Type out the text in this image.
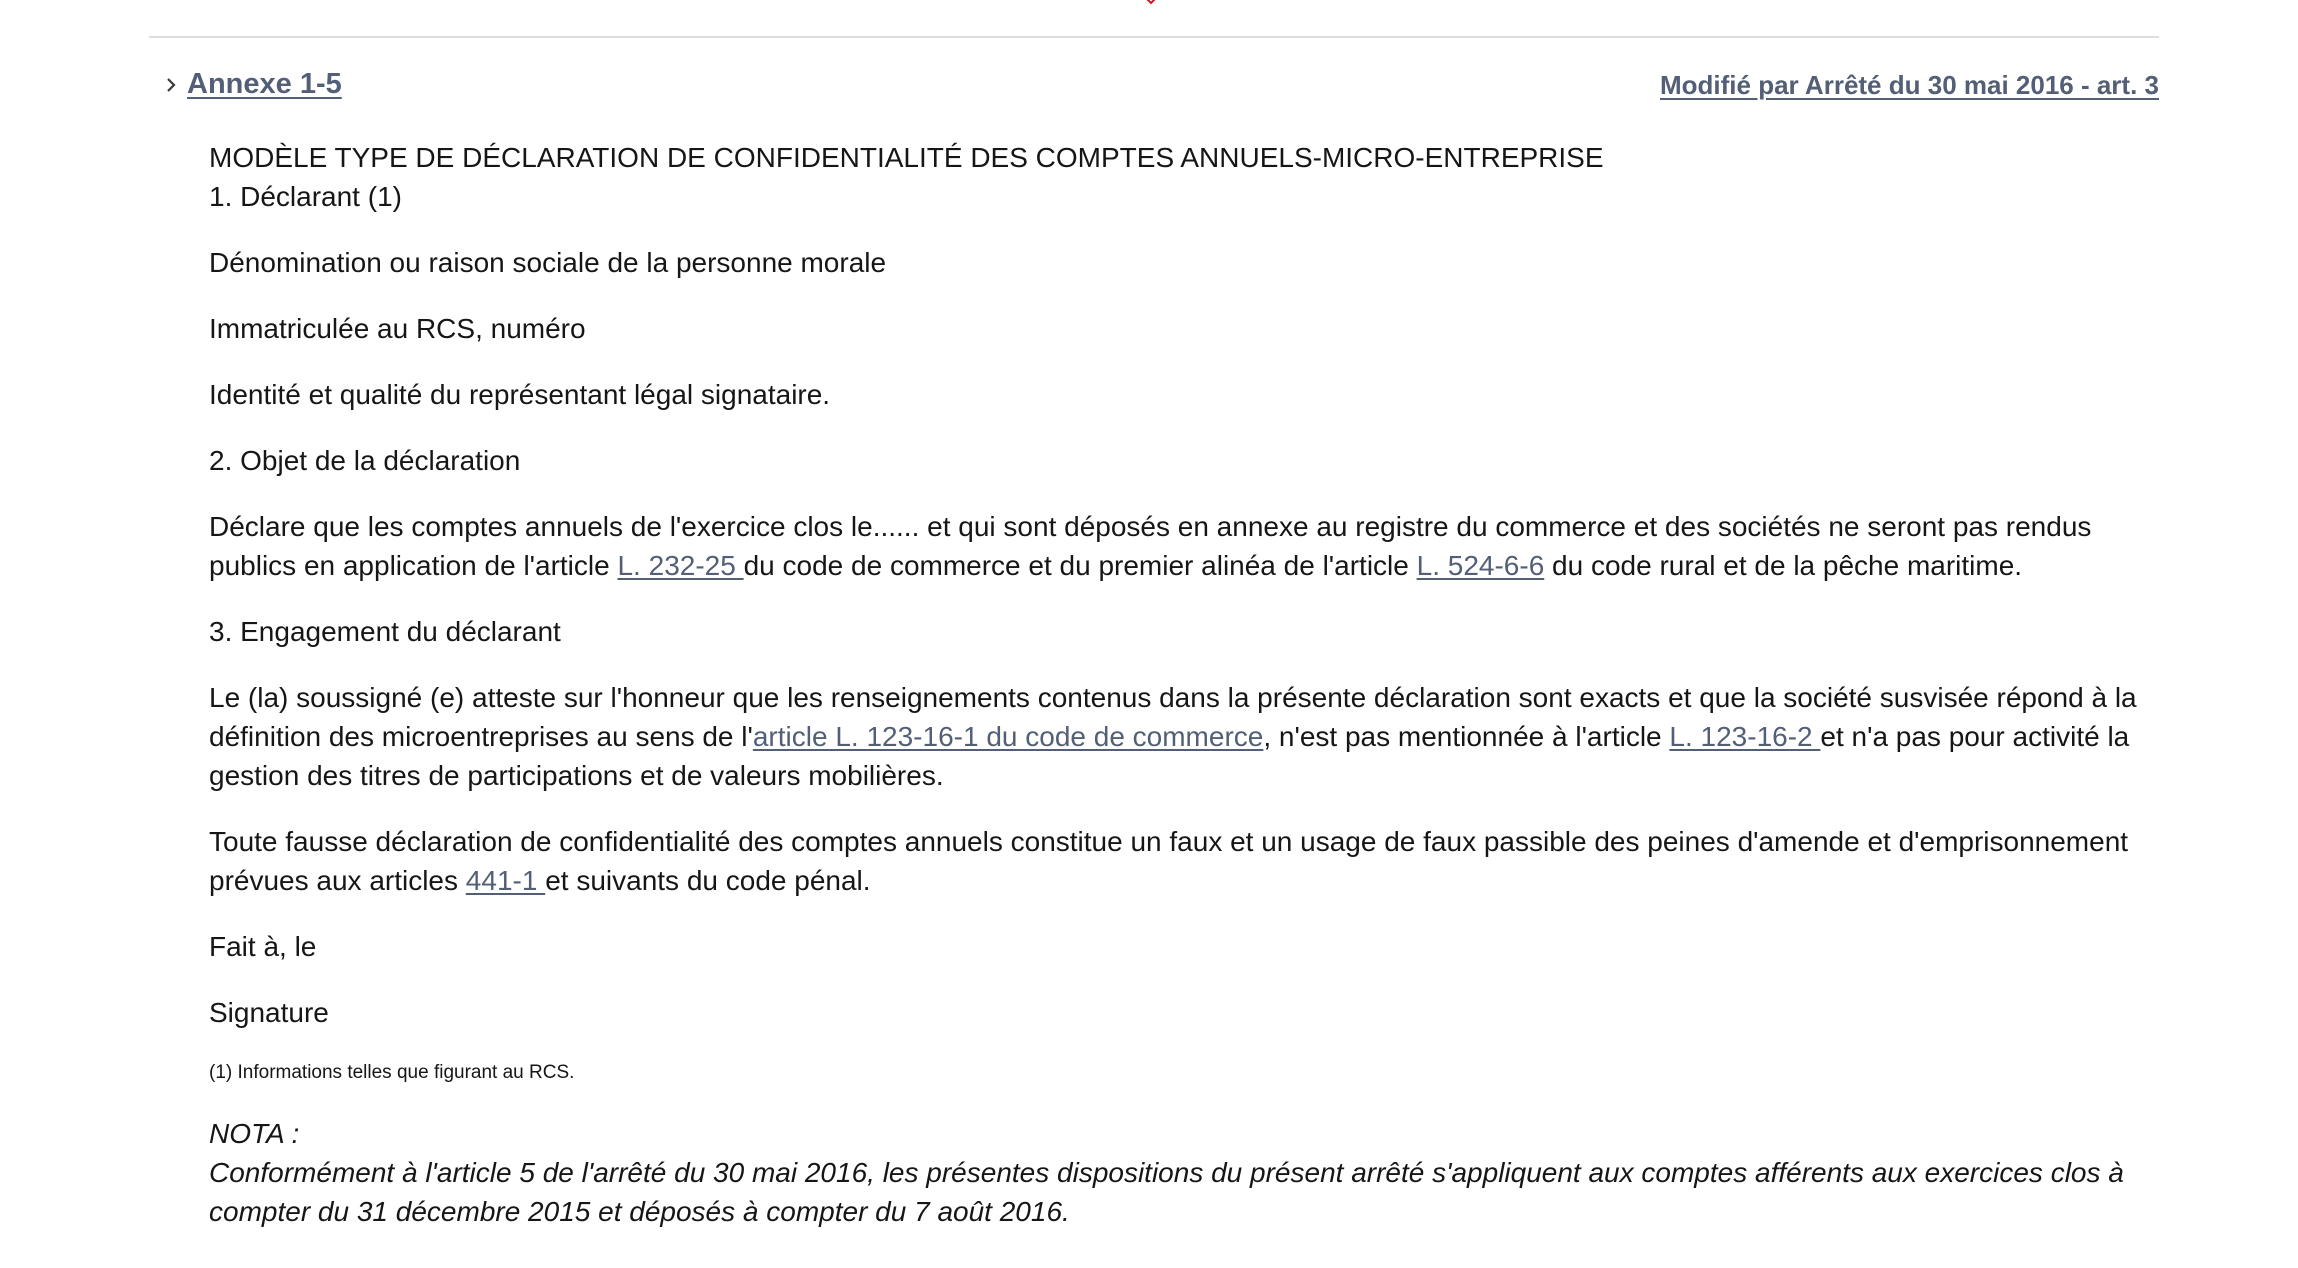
Annexe 1-5	Modifié par Arrêté du 30 mai 2016 - art. 3

MODÈLE TYPE DE DÉCLARATION DE CONFIDENTIALITÉ DES COMPTES ANNUELS-MICRO-ENTREPRISE

1. Déclarant (1)

Dénomination ou raison sociale de la personne morale

Immatriculée au RCS, numéro

Identité et qualité du représentant légal signataire.

2. Objet de la déclaration

Déclare que les comptes annuels de l'exercice clos le...... et qui sont déposés en annexe au registre du commerce et des sociétés ne seront pas rendus publics en application de l'article L. 232-25 du code de commerce et du premier alinéa de l'article L. 524-6-6 du code rural et de la pêche maritime.

3. Engagement du déclarant

Le (la) soussigné (e) atteste sur l'honneur que les renseignements contenus dans la présente déclaration sont exacts et que la société susvisée répond à la définition des microentreprises au sens de l'article L. 123-16-1 du code de commerce, n'est pas mentionnée à l'article L. 123-16-2 et n'a pas pour activité la gestion des titres de participations et de valeurs mobilières.

Toute fausse déclaration de confidentialité des comptes annuels constitue un faux et un usage de faux passible des peines d'amende et d'emprisonnement prévues aux articles 441-1 et suivants du code pénal.

Fait à, le

Signature

(1) Informations telles que figurant au RCS.

NOTA :

Conformément à l'article 5 de l'arrêté du 30 mai 2016, les présentes dispositions du présent arrêté s'appliquent aux comptes afférents aux exercices clos à compter du 31 décembre 2015 et déposés à compter du 7 août 2016.
